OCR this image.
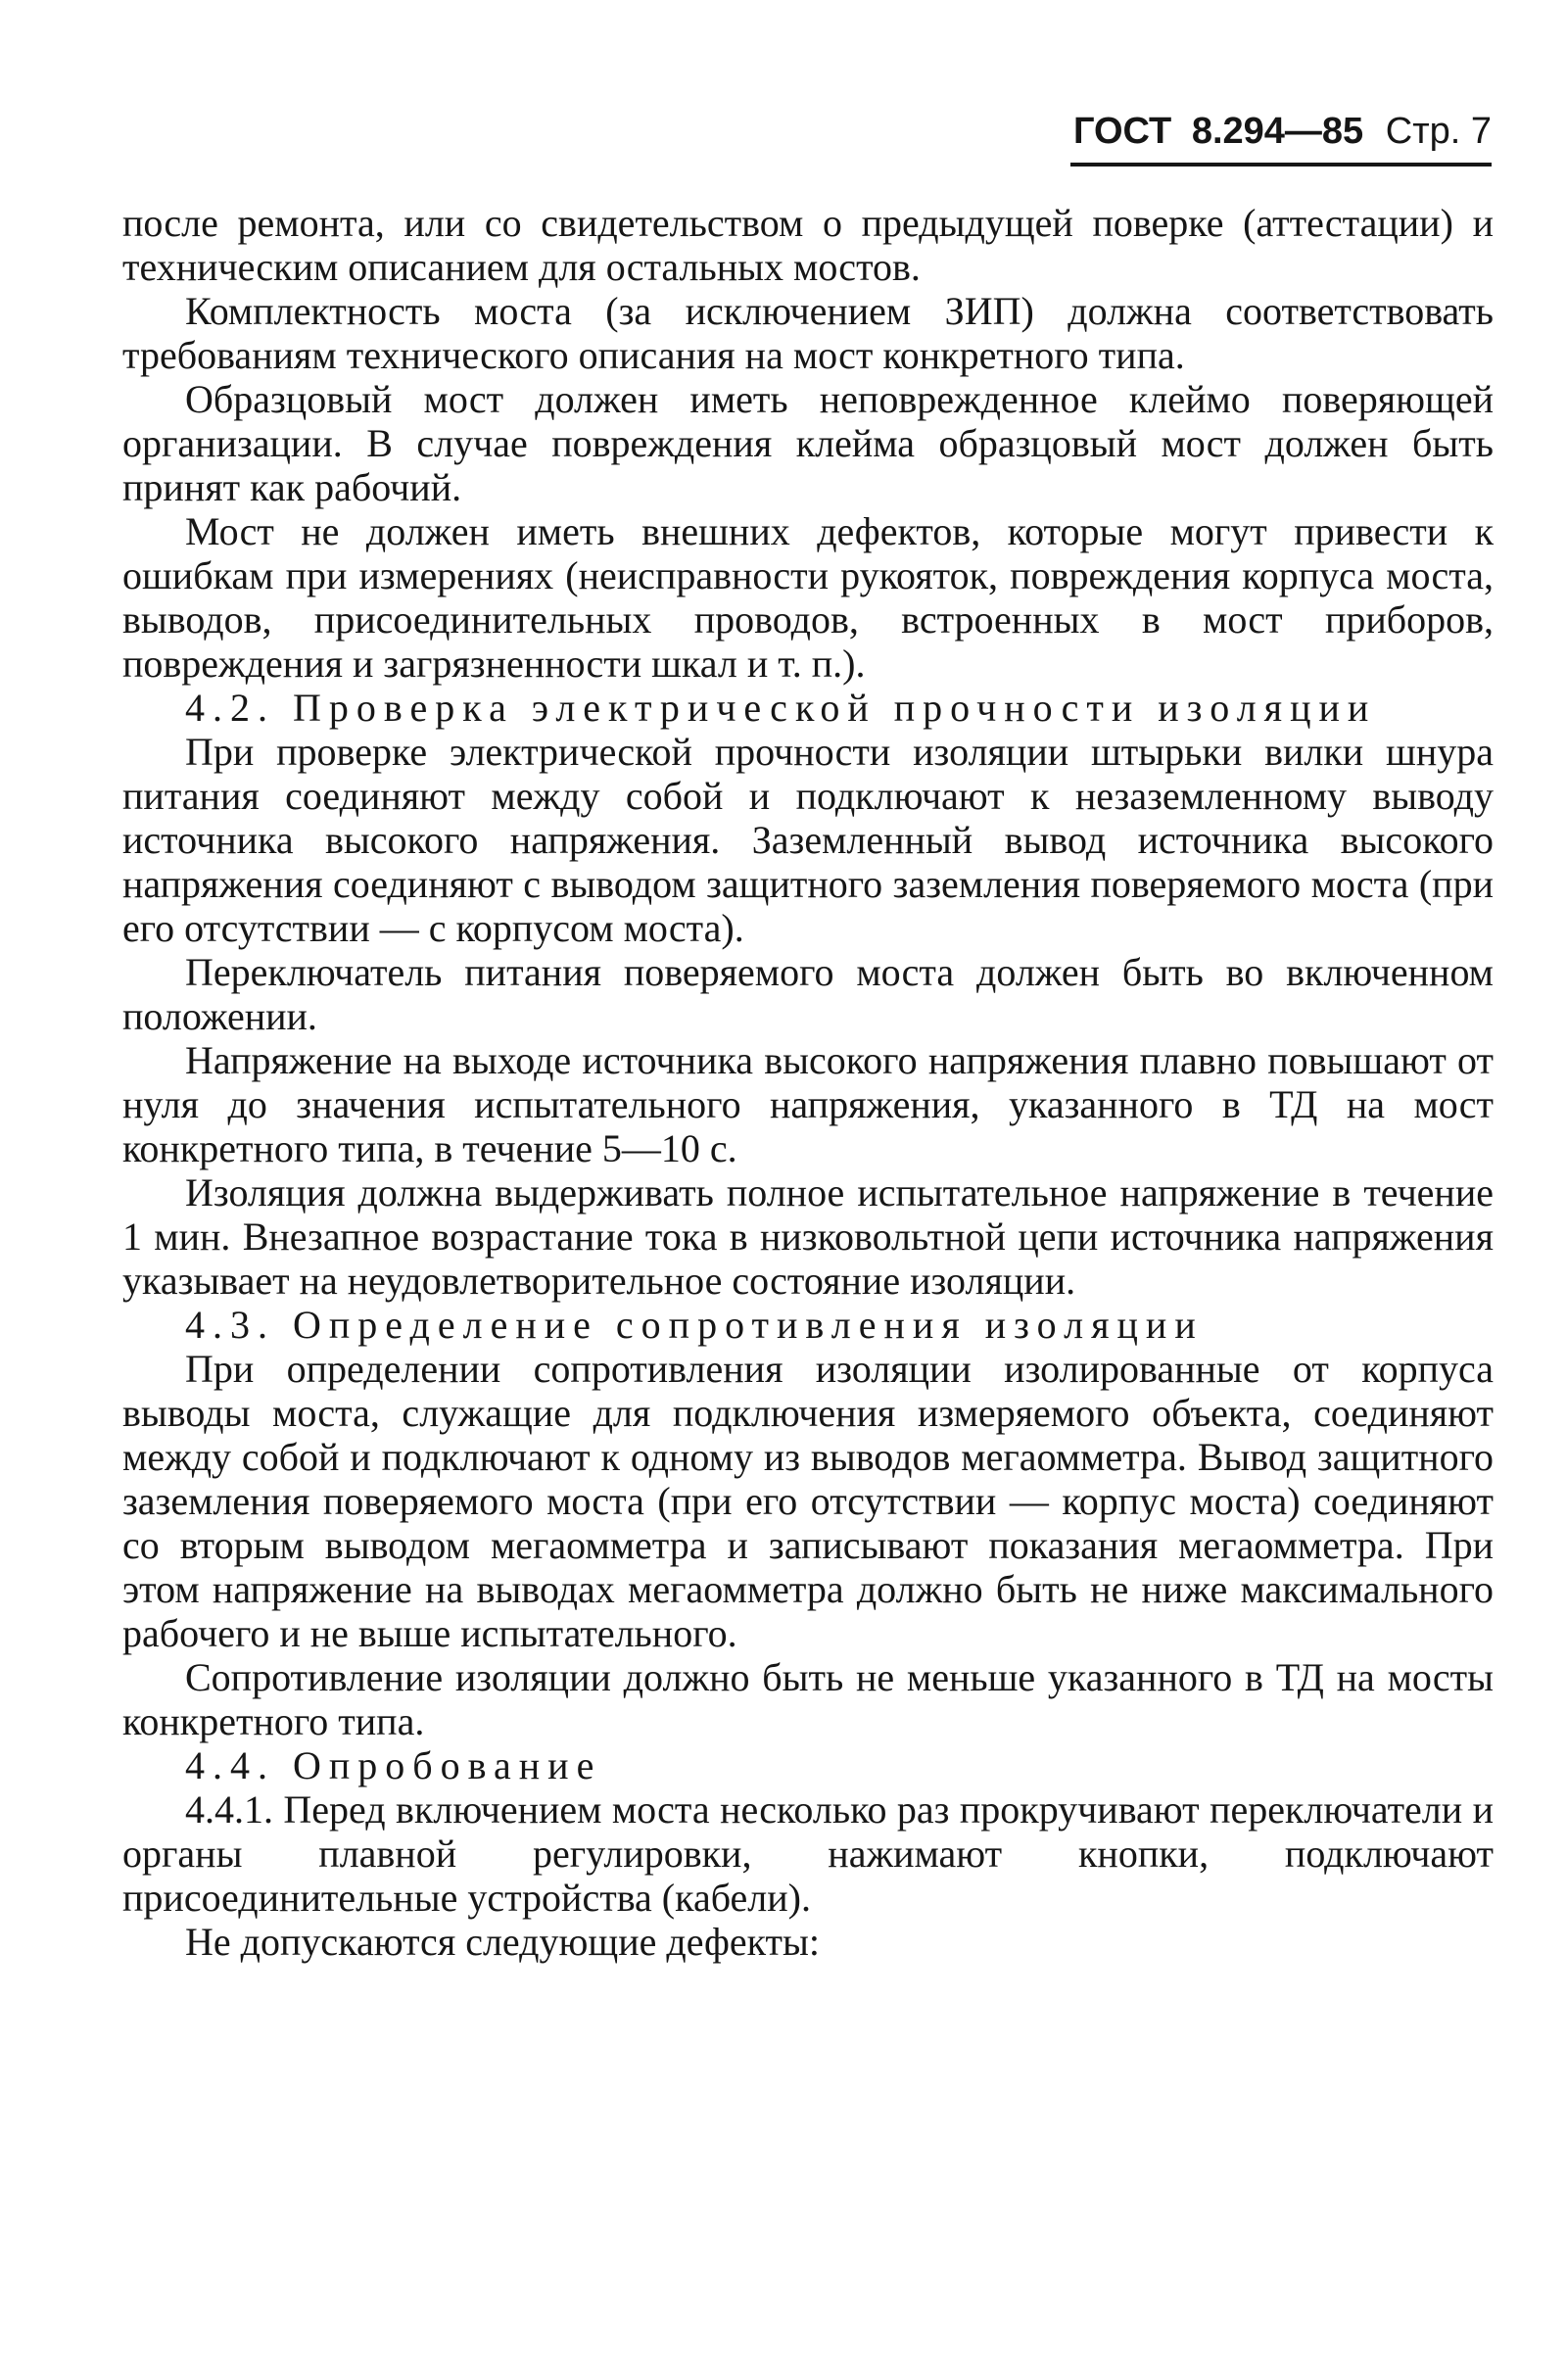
ГОСТ 8.294—85 Стр. 7

после ремонта, или со свидетельством о предыдущей поверке (аттестации) и техническим описанием для остальных мостов.

Комплектность моста (за исключением ЗИП) должна соответствовать требованиям технического описания на мост конкретного типа.

Образцовый мост должен иметь неповрежденное клеймо поверяющей организации. В случае повреждения клейма образцовый мост должен быть принят как рабочий.

Мост не должен иметь внешних дефектов, которые могут привести к ошибкам при измерениях (неисправности рукояток, повреждения корпуса моста, выводов, присоединительных проводов, встроенных в мост приборов, повреждения и загрязненности шкал и т. п.).

4.2. Проверка электрической прочности изоляции

При проверке электрической прочности изоляции штырьки вилки шнура питания соединяют между собой и подключают к незаземленному выводу источника высокого напряжения. Заземленный вывод источника высокого напряжения соединяют с выводом защитного заземления поверяемого моста (при его отсутствии — с корпусом моста).

Переключатель питания поверяемого моста должен быть во включенном положении.

Напряжение на выходе источника высокого напряжения плавно повышают от нуля до значения испытательного напряжения, указанного в ТД на мост конкретного типа, в течение 5—10 с.

Изоляция должна выдерживать полное испытательное напряжение в течение 1 мин. Внезапное возрастание тока в низковольтной цепи источника напряжения указывает на неудовлетворительное состояние изоляции.

4.3. Определение сопротивления изоляции

При определении сопротивления изоляции изолированные от корпуса выводы моста, служащие для подключения измеряемого объекта, соединяют между собой и подключают к одному из выводов мегаомметра. Вывод защитного заземления поверяемого моста (при его отсутствии — корпус моста) соединяют со вторым выводом мегаомметра и записывают показания мегаомметра. При этом напряжение на выводах мегаомметра должно быть не ниже максимального рабочего и не выше испытательного.

Сопротивление изоляции должно быть не меньше указанного в ТД на мосты конкретного типа.

4.4. Опробование

4.4.1. Перед включением моста несколько раз прокручивают переключатели и органы плавной регулировки, нажимают кнопки, подключают присоединительные устройства (кабели).

Не допускаются следующие дефекты:
